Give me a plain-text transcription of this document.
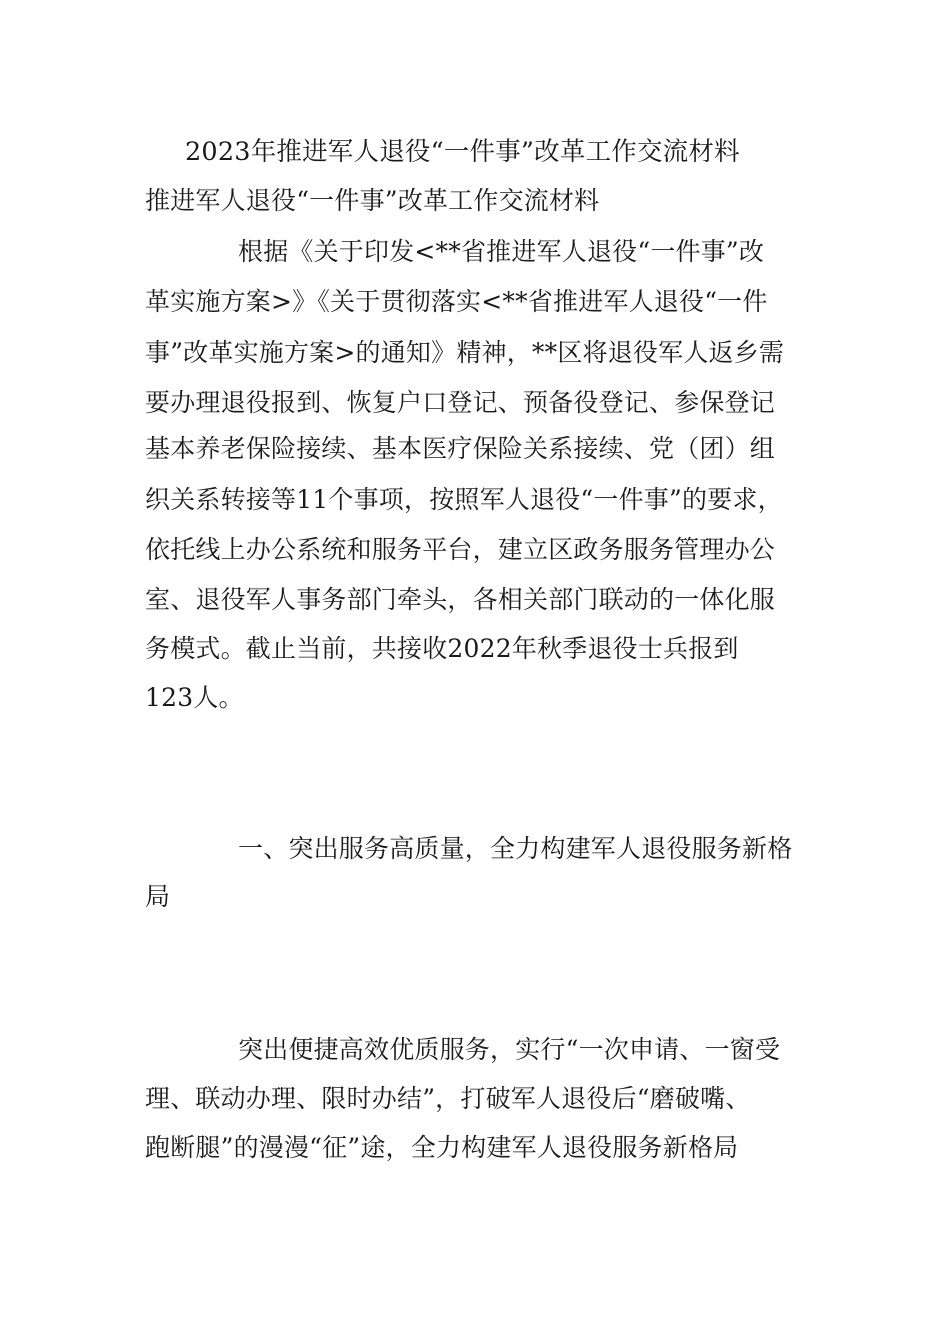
2023年推进军人退役“一件事”改革工作交流材料
推进军人退役“一件事”改革工作交流材料
根据《关于印发<**省推进军人退役“一件事”改
革实施方案>》《关于贯彻落实<**省推进军人退役“一件
事”改革实施方案>的通知》精神，**区将退役军人返乡需
要办理退役报到、恢复户口登记、预备役登记、参保登记
基本养老保险接续、基本医疗保险关系接续、党（团）组
织关系转接等11个事项，按照军人退役“一件事”的要求，
依托线上办公系统和服务平台，建立区政务服务管理办公
室、退役军人事务部门牵头，各相关部门联动的一体化服
务模式。截止当前，共接收2022年秋季退役士兵报到
123人。
一、突出服务高质量，全力构建军人退役服务新格
局
突出便捷高效优质服务，实行“一次申请、一窗受
理、联动办理、限时办结”，打破军人退役后“磨破嘴、
跑断腿”的漫漫“征”途，全力构建军人退役服务新格局
